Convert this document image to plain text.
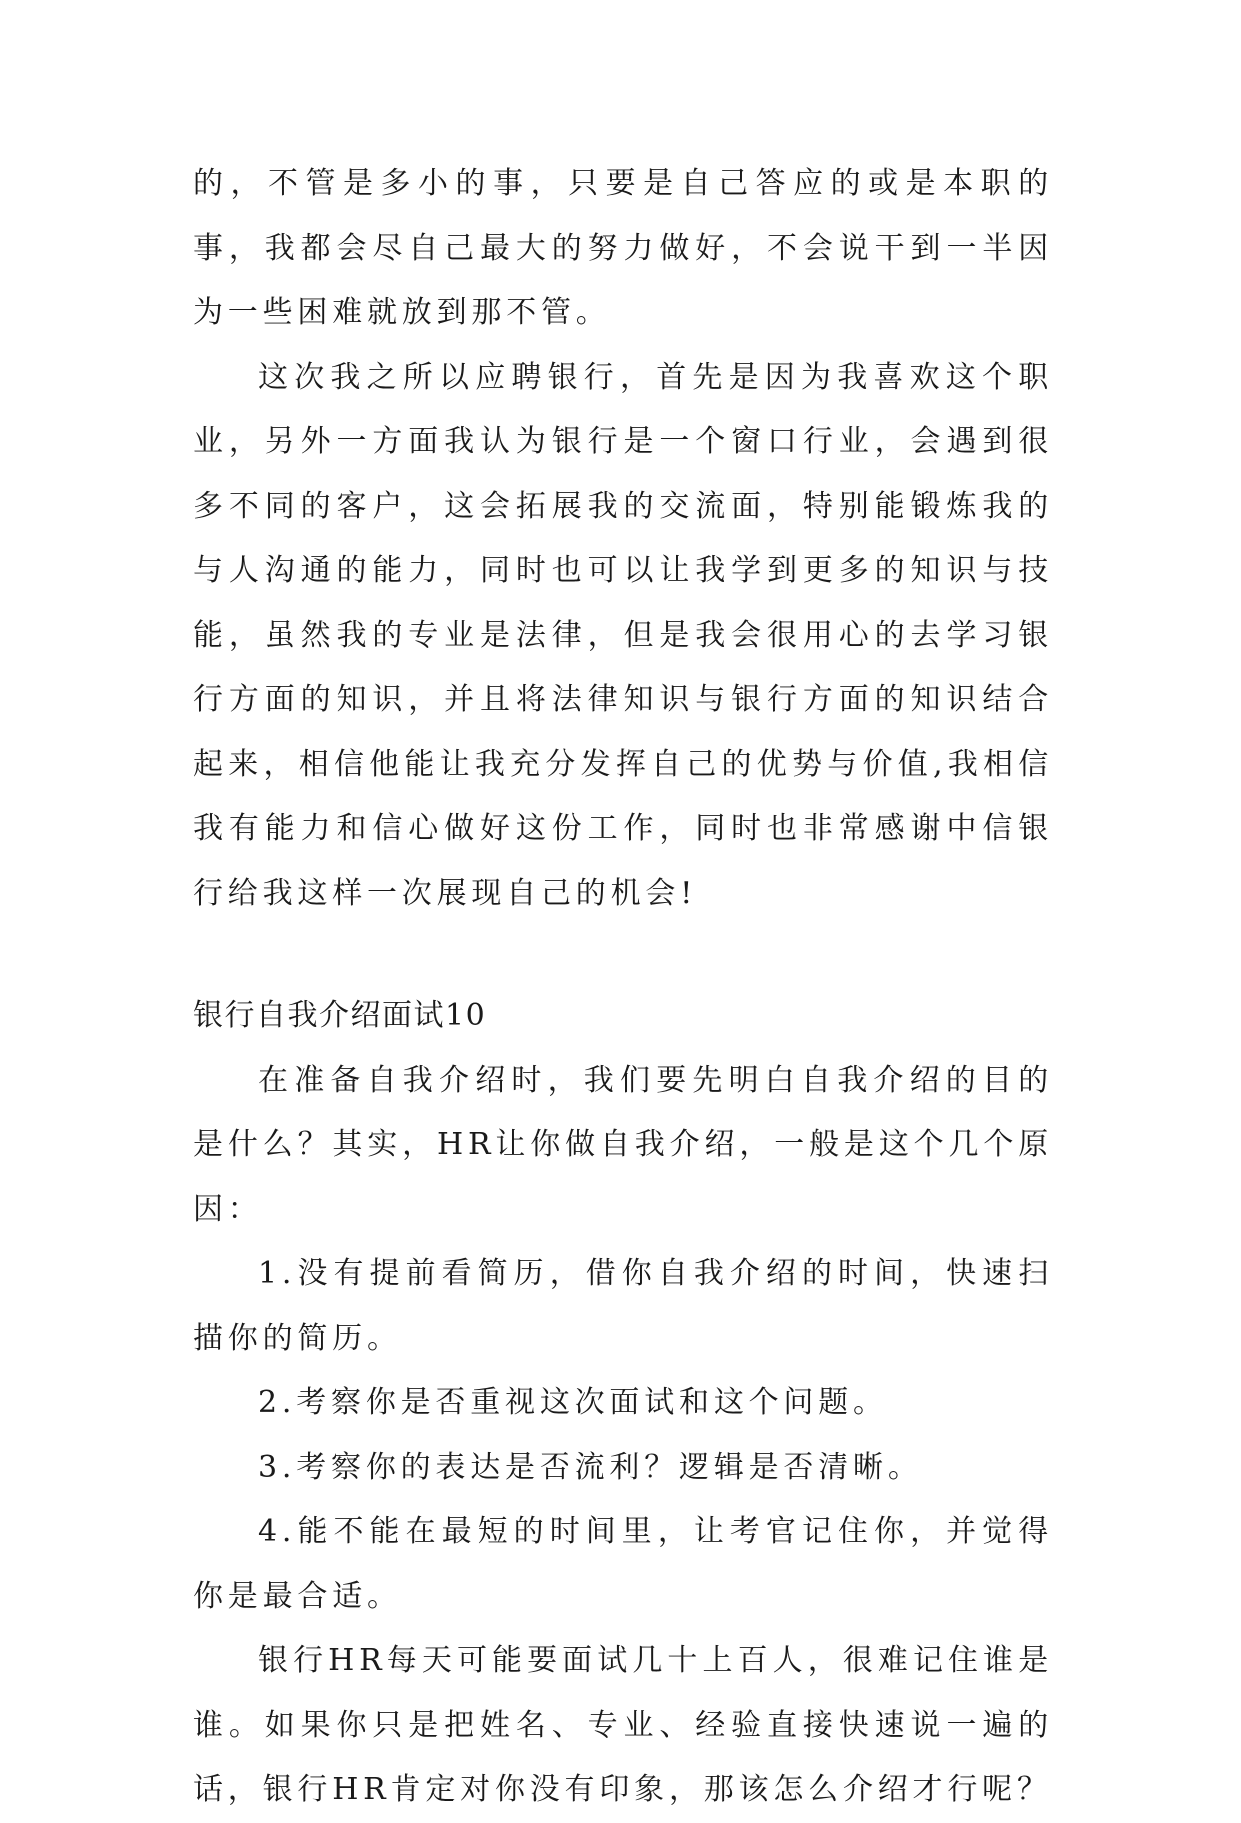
的，不管是多小的事，只要是自己答应的或是本职的事，我都会尽自己最大的努力做好，不会说干到一半因为一些困难就放到那不管。

这次我之所以应聘银行，首先是因为我喜欢这个职业，另外一方面我认为银行是一个窗口行业，会遇到很多不同的客户，这会拓展我的交流面，特别能锻炼我的与人沟通的能力，同时也可以让我学到更多的知识与技能，虽然我的专业是法律，但是我会很用心的去学习银行方面的知识，并且将法律知识与银行方面的知识结合起来，相信他能让我充分发挥自己的优势与价值,我相信我有能力和信心做好这份工作，同时也非常感谢中信银行给我这样一次展现自己的机会!

银行自我介绍面试10

在准备自我介绍时，我们要先明白自我介绍的目的是什么？其实，HR让你做自我介绍，一般是这个几个原因：

1.没有提前看简历，借你自我介绍的时间，快速扫描你的简历。

2.考察你是否重视这次面试和这个问题。

3.考察你的表达是否流利？逻辑是否清晰。

4.能不能在最短的时间里，让考官记住你，并觉得你是最合适。

银行HR每天可能要面试几十上百人，很难记住谁是谁。如果你只是把姓名、专业、经验直接快速说一遍的话，银行HR肯定对你没有印象，那该怎么介绍才行呢？
